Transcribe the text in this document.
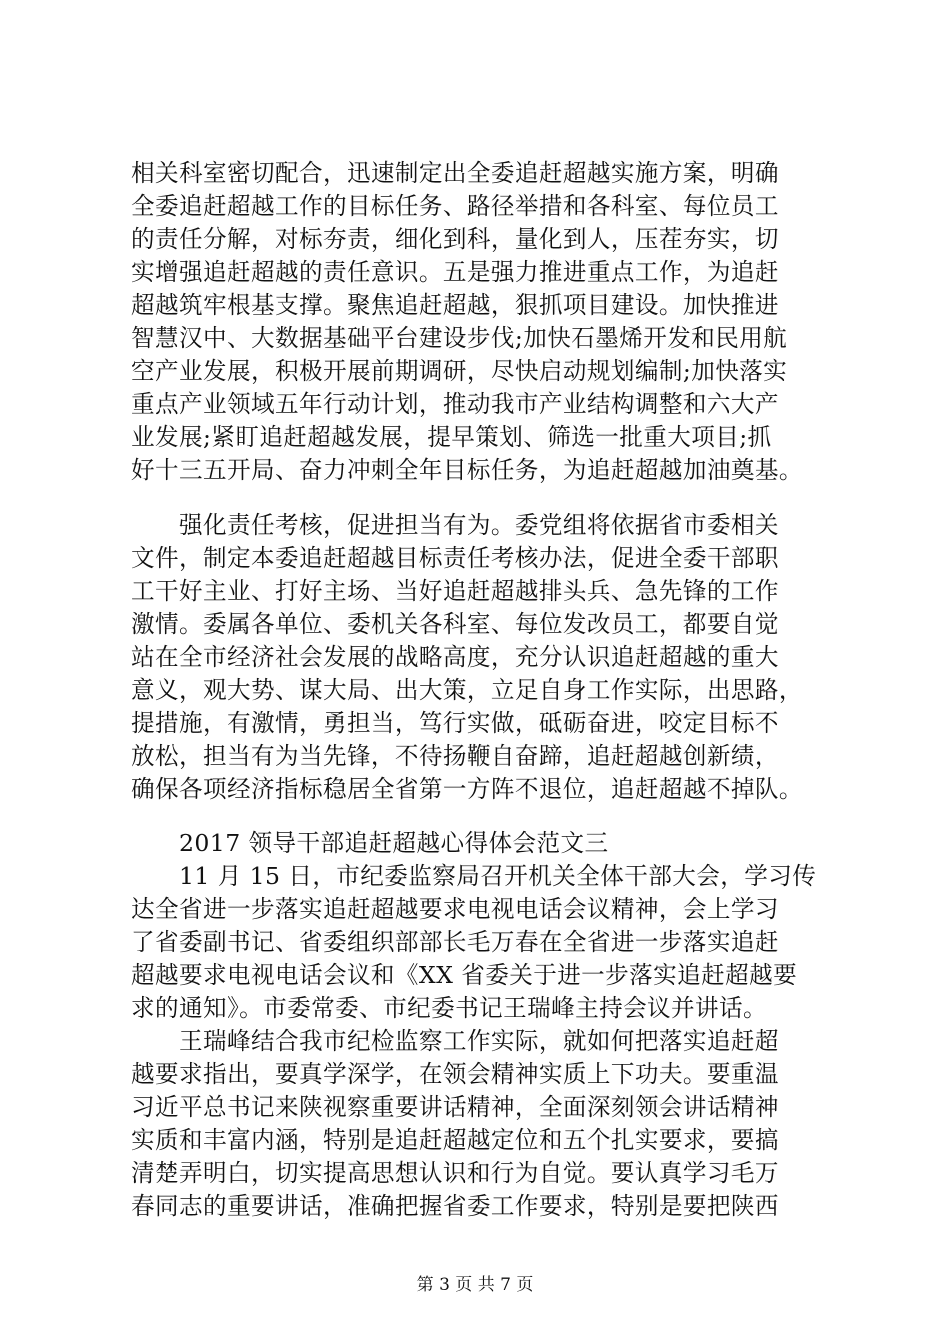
相关科室密切配合，迅速制定出全委追赶超越实施方案，明确
全委追赶超越工作的目标任务、路径举措和各科室、每位员工
的责任分解，对标夯责，细化到科，量化到人，压茬夯实，切
实增强追赶超越的责任意识。五是强力推进重点工作，为追赶
超越筑牢根基支撑。聚焦追赶超越，狠抓项目建设。加快推进
智慧汉中、大数据基础平台建设步伐;加快石墨烯开发和民用航
空产业发展，积极开展前期调研，尽快启动规划编制;加快落实
重点产业领域五年行动计划，推动我市产业结构调整和六大产
业发展;紧盯追赶超越发展，提早策划、筛选一批重大项目;抓
好十三五开局、奋力冲刺全年目标任务，为追赶超越加油奠基。
　　强化责任考核，促进担当有为。委党组将依据省市委相关
文件，制定本委追赶超越目标责任考核办法，促进全委干部职
工干好主业、打好主场、当好追赶超越排头兵、急先锋的工作
激情。委属各单位、委机关各科室、每位发改员工，都要自觉
站在全市经济社会发展的战略高度，充分认识追赶超越的重大
意义，观大势、谋大局、出大策，立足自身工作实际，出思路，
提措施，有激情，勇担当，笃行实做，砥砺奋进，咬定目标不
放松，担当有为当先锋，不待扬鞭自奋蹄，追赶超越创新绩，
确保各项经济指标稳居全省第一方阵不退位，追赶超越不掉队。
　　2017 领导干部追赶超越心得体会范文三
　　11 月 15 日，市纪委监察局召开机关全体干部大会，学习传
达全省进一步落实追赶超越要求电视电话会议精神，会上学习
了省委副书记、省委组织部部长毛万春在全省进一步落实追赶
超越要求电视电话会议和《XX 省委关于进一步落实追赶超越要
求的通知》。市委常委、市纪委书记王瑞峰主持会议并讲话。
　　王瑞峰结合我市纪检监察工作实际，就如何把落实追赶超
越要求指出，要真学深学，在领会精神实质上下功夫。要重温
习近平总书记来陕视察重要讲话精神，全面深刻领会讲话精神
实质和丰富内涵，特别是追赶超越定位和五个扎实要求，要搞
清楚弄明白，切实提高思想认识和行为自觉。要认真学习毛万
春同志的重要讲话，准确把握省委工作要求，特别是要把陕西
第 3 页 共 7 页
